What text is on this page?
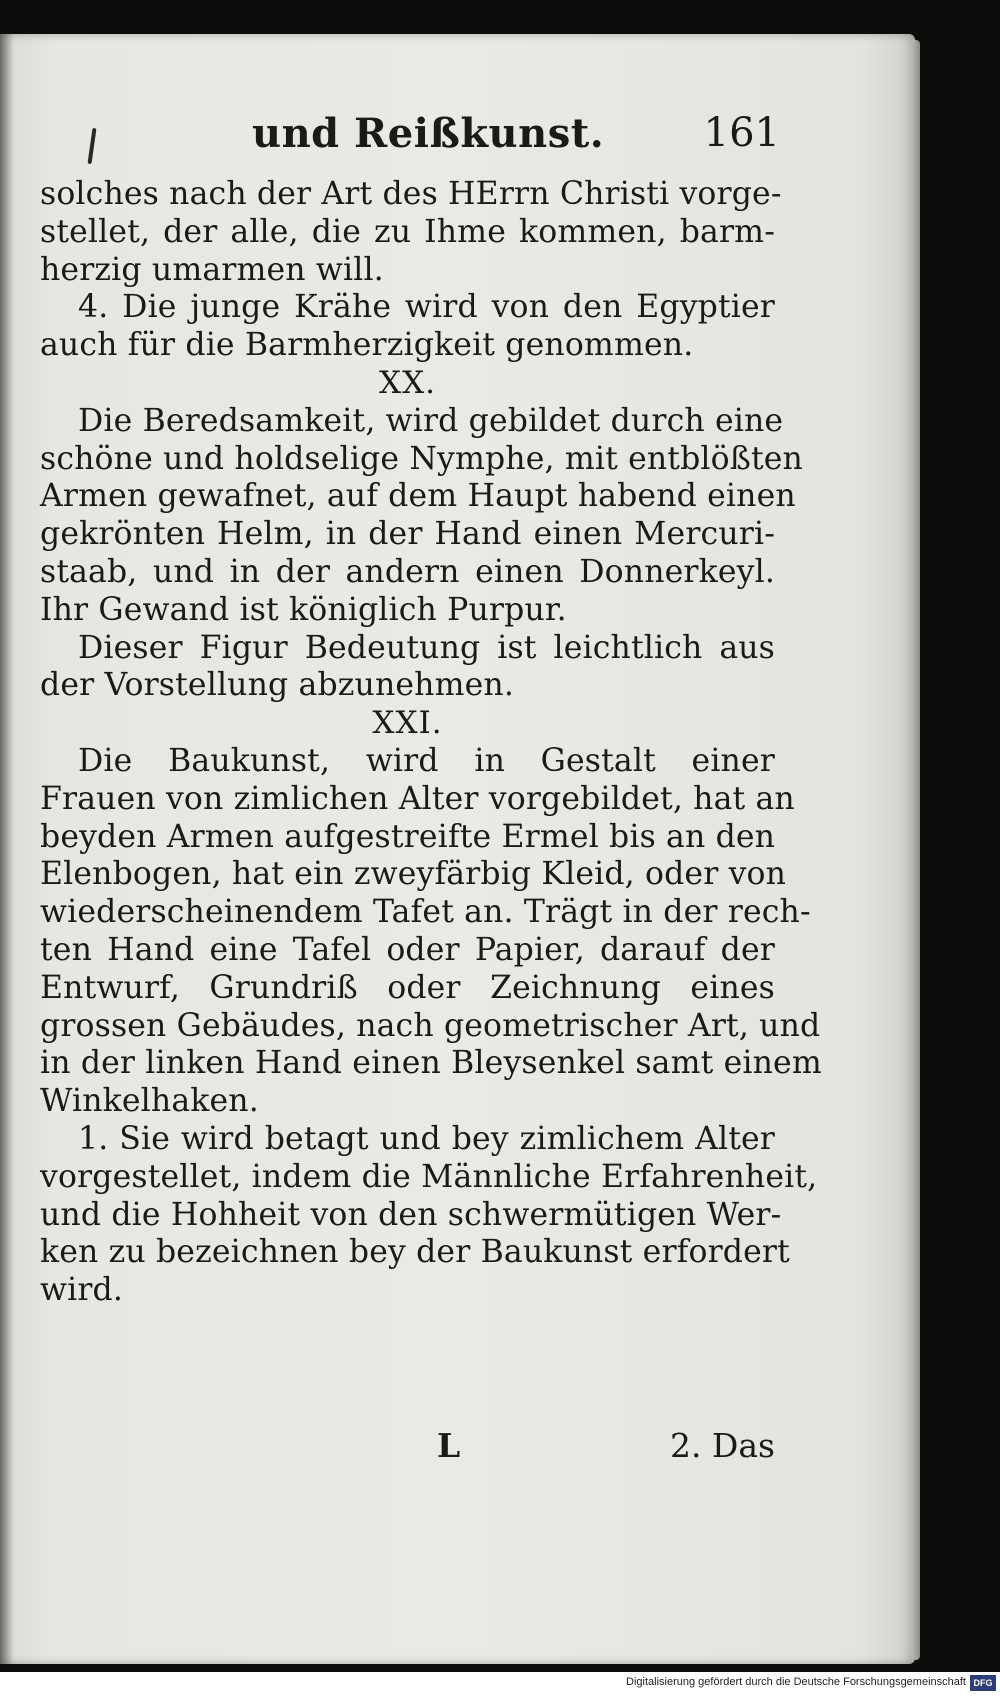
und Reißkunst. 161
solches nach der Art des HErrn Christi vorge-
stellet, der alle, die zu Ihme kommen, barm-
herzig umarmen will.
4. Die junge Krähe wird von den Egyptier
auch für die Barmherzigkeit genommen.
XX.
Die Beredsamkeit, wird gebildet durch eine
schöne und holdselige Nymphe, mit entblößten
Armen gewafnet, auf dem Haupt habend einen
gekrönten Helm, in der Hand einen Mercuri-
staab, und in der andern einen Donnerkeyl.
Ihr Gewand ist königlich Purpur.
Dieser Figur Bedeutung ist leichtlich aus
der Vorstellung abzunehmen.
XXI.
Die Baukunst, wird in Gestalt einer
Frauen von zimlichen Alter vorgebildet, hat an
beyden Armen aufgestreifte Ermel bis an den
Elenbogen, hat ein zweyfärbig Kleid, oder von
wiederscheinendem Tafet an. Trägt in der rech-
ten Hand eine Tafel oder Papier, darauf der
Entwurf, Grundriß oder Zeichnung eines
grossen Gebäudes, nach geometrischer Art, und
in der linken Hand einen Bleysenkel samt einem
Winkelhaken.
1. Sie wird betagt und bey zimlichem Alter
vorgestellet, indem die Männliche Erfahrenheit,
und die Hohheit von den schwermütigen Wer-
ken zu bezeichnen bey der Baukunst erfordert
wird.
L	2. Das
Digitalisierung gefördert durch die Deutsche Forschungsgemeinschaft DFG
